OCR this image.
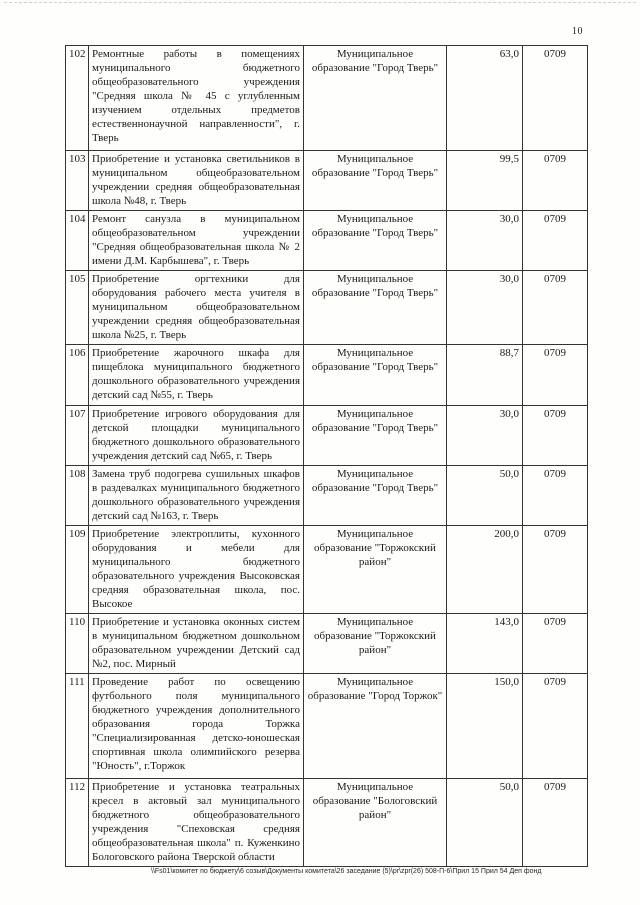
10
102	Ремонтные работы в помещениях муниципального бюджетного общеобразовательного учреждения "Средняя школа № 45 с углубленным изучением отдельных предметов естественнонаучной направленности", г. Тверь	Муниципальное образование "Город Тверь"	63,0	0709
103	Приобретение и установка светильников в муниципальном общеобразовательном учреждении средняя общеобразовательная школа №48, г. Тверь	Муниципальное образование "Город Тверь"	99,5	0709
104	Ремонт санузла в муниципальном общеобразовательном учреждении "Средняя общеобразовательная школа № 2 имени Д.М. Карбышева", г. Тверь	Муниципальное образование "Город Тверь"	30,0	0709
105	Приобретение оргтехники для оборудования рабочего места учителя в муниципальном общеобразовательном учреждении средняя общеобразовательная школа №25, г. Тверь	Муниципальное образование "Город Тверь"	30,0	0709
106	Приобретение жарочного шкафа для пищеблока муниципального бюджетного дошкольного образовательного учреждения детский сад №55, г. Тверь	Муниципальное образование "Город Тверь"	88,7	0709
107	Приобретение игрового оборудования для детской площадки муниципального бюджетного дошкольного образовательного учреждения детский сад №65, г. Тверь	Муниципальное образование "Город Тверь"	30,0	0709
108	Замена труб подогрева сушильных шкафов в раздевалках муниципального бюджетного дошкольного образовательного учреждения детский сад №163, г. Тверь	Муниципальное образование "Город Тверь"	50,0	0709
109	Приобретение электроплиты, кухонного оборудования и мебели для муниципального бюджетного образовательного учреждения Высоковская средняя образовательная школа, пос. Высокое	Муниципальное образование "Торжокский район"	200,0	0709
110	Приобретение и установка оконных систем в муниципальном бюджетном дошкольном образовательном учреждении Детский сад №2, пос. Мирный	Муниципальное образование "Торжокский район"	143,0	0709
111	Проведение работ по освещению футбольного поля муниципального бюджетного учреждения дополнительного образования города Торжка "Специализированная детско-юношеская спортивная школа олимпийского резерва "Юность", г.Торжок	Муниципальное образование "Город Торжок"	150,0	0709
112	Приобретение и установка театральных кресел в актовый зал муниципального бюджетного общеобразовательного учреждения "Спеховская средняя общеобразовательная школа" п. Куженкино Бологовского района Тверской области	Муниципальное образование "Бологовский район"	50,0	0709
\\Fs01\комитет по бюджету\6 созыв\Документы комитета\26 заседание (5)\pr\zpr(26) 508-П-6\Прил 15 Прил 54 Деп фонд
